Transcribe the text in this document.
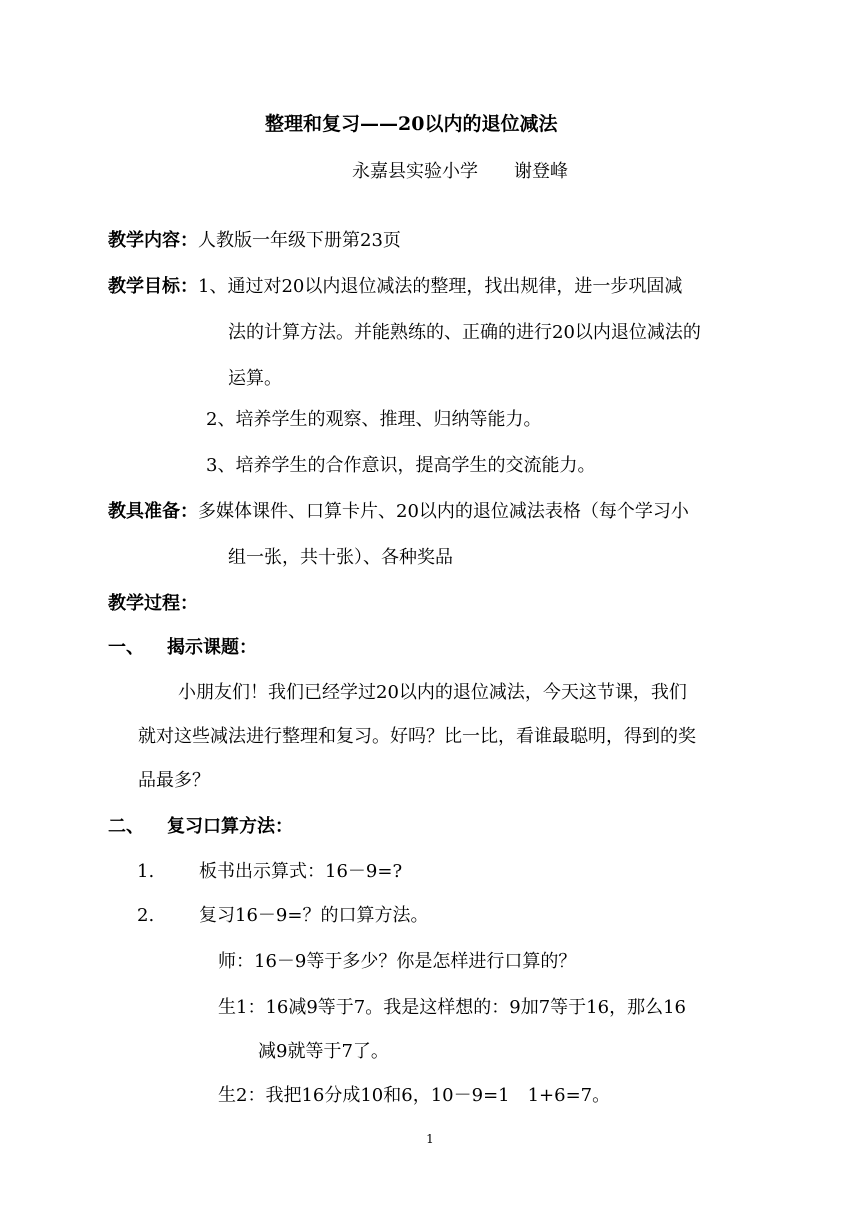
整理和复习——20以内的退位减法
永嘉县实验小学　　谢登峰
教学内容：人教版一年级下册第23页
教学目标：1、通过对20以内退位减法的整理，找出规律，进一步巩固减
法的计算方法。并能熟练的、正确的进行20以内退位减法的
运算。
2、培养学生的观察、推理、归纳等能力。
3、培养学生的合作意识，提高学生的交流能力。
教具准备：多媒体课件、口算卡片、20以内的退位减法表格（每个学习小
组一张，共十张）、各种奖品
教学过程：
一、 揭示课题：
小朋友们！我们已经学过20以内的退位减法，今天这节课，我们
就对这些减法进行整理和复习。好吗？比一比，看谁最聪明，得到的奖
品最多？
二、 复习口算方法：
1. 板书出示算式：16－9=?
2. 复习16－9=？的口算方法。
师：16－9等于多少？你是怎样进行口算的？
生1：16减9等于7。我是这样想的：9加7等于16，那么16
减9就等于7了。
生2：我把16分成10和6，10－9=1　1+6=7。
1
